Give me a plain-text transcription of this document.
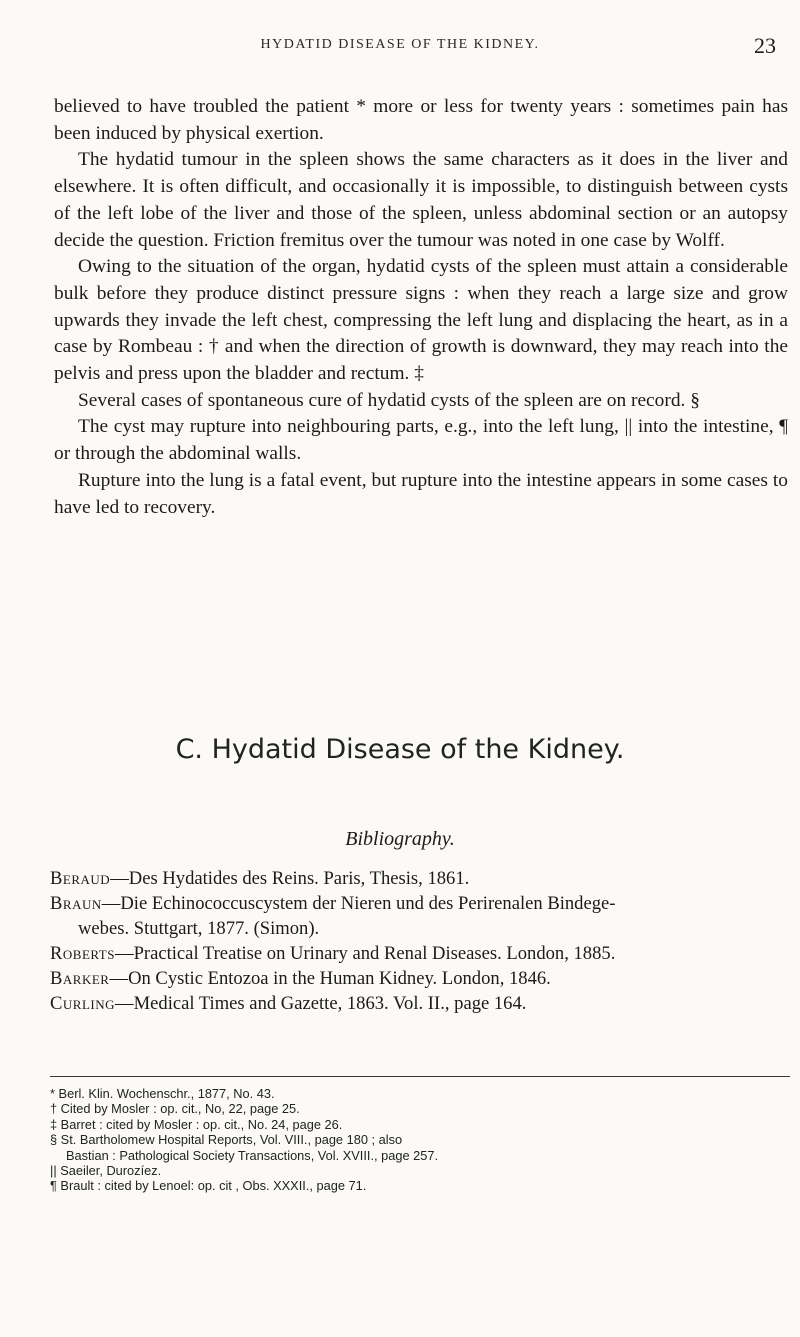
HYDATID DISEASE OF THE KIDNEY.	23

believed to have troubled the patient * more or less for twenty years : sometimes pain has been induced by physical exertion.

The hydatid tumour in the spleen shows the same characters as it does in the liver and elsewhere. It is often difficult, and occasionally it is impossible, to distinguish between cysts of the left lobe of the liver and those of the spleen, unless abdominal section or an autopsy decide the question. Friction fremitus over the tumour was noted in one case by Wolff.

Owing to the situation of the organ, hydatid cysts of the spleen must attain a considerable bulk before they produce distinct pressure signs : when they reach a large size and grow upwards they invade the left chest, compressing the left lung and displacing the heart, as in a case by Rombeau : † and when the direction of growth is downward, they may reach into the pelvis and press upon the bladder and rectum. ‡

Several cases of spontaneous cure of hydatid cysts of the spleen are on record. §

The cyst may rupture into neighbouring parts, e.g., into the left lung, || into the intestine, ¶ or through the abdominal walls.

Rupture into the lung is a fatal event, but rupture into the intestine appears in some cases to have led to recovery.

C. Hydatid Disease of the Kidney.
Bibliography.

Beraud—Des Hydatides des Reins. Paris, Thesis, 1861.

Braun—Die Echinococcuscystem der Nieren und des Perirenalen Bindege-
webes. Stuttgart, 1877. (Simon).

Roberts—Practical Treatise on Urinary and Renal Diseases. London, 1885.

Barker—On Cystic Entozoa in the Human Kidney. London, 1846.

Curling—Medical Times and Gazette, 1863. Vol. II., page 164.

* Berl. Klin. Wochenschr., 1877, No. 43.

† Cited by Mosler : op. cit., No, 22, page 25.

‡ Barret : cited by Mosler : op. cit., No. 24, page 26.

§ St. Bartholomew Hospital Reports, Vol. VIII., page 180 ; also

Bastian : Pathological Society Transactions, Vol. XVIII., page 257.

|| Saeiler, Durozíez.

¶ Brault : cited by Lenoel: op. cit , Obs. XXXII., page 71.
